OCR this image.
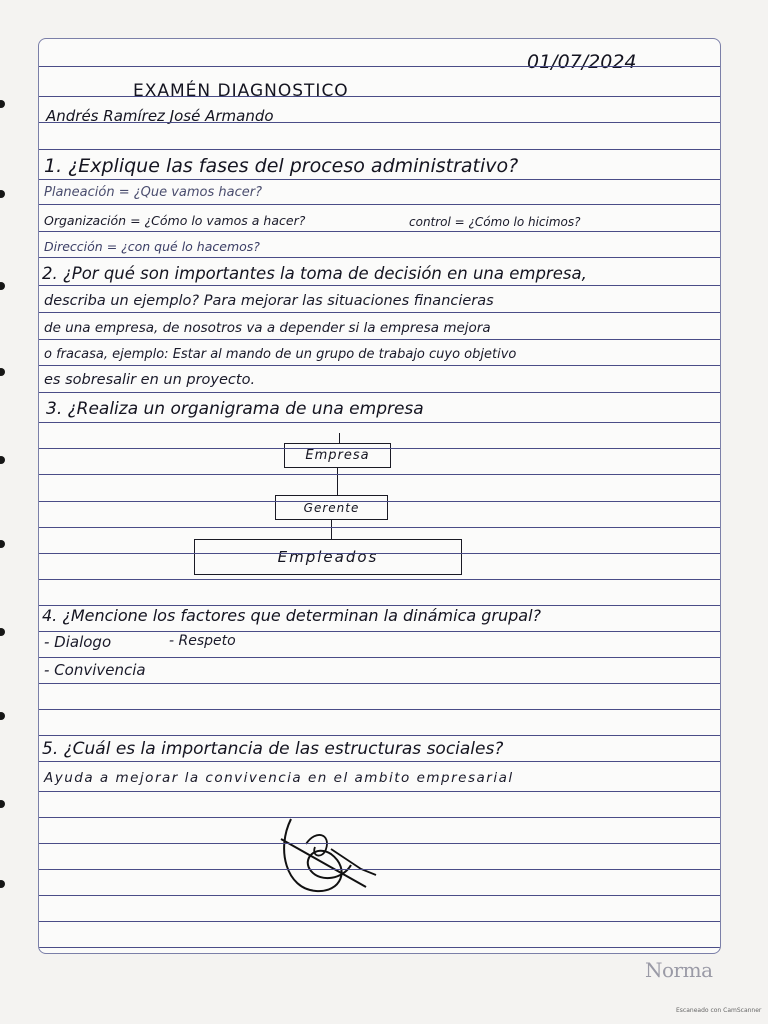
01/07/2024
EXAMÉN DIAGNOSTICO
Andrés Ramírez José Armando
1. ¿Explique las fases del proceso administrativo?
Planeación = ¿Que vamos hacer?
Organización = ¿Cómo lo vamos a hacer?	control = ¿Cómo lo hicimos?
Dirección = ¿con qué lo hacemos?
2. ¿Por qué son importantes la toma de decisión en una empresa,
describa un ejemplo? Para mejorar las situaciones financieras
de una empresa, de nosotros va a depender si la empresa mejora
o fracasa, ejemplo: Estar al mando de un grupo de trabajo cuyo objetivo
es sobresalir en un proyecto.
3. ¿Realiza un organigrama de una empresa
Empresa
Gerente
Empleados
4. ¿Mencione los factores que determinan la dinámica grupal?
- Dialogo	- Respeto
- Convivencia
5. ¿Cuál es la importancia de las estructuras sociales?
Ayuda a mejorar la convivencia en el ambito empresarial
Norma
Escaneado con CamScanner
